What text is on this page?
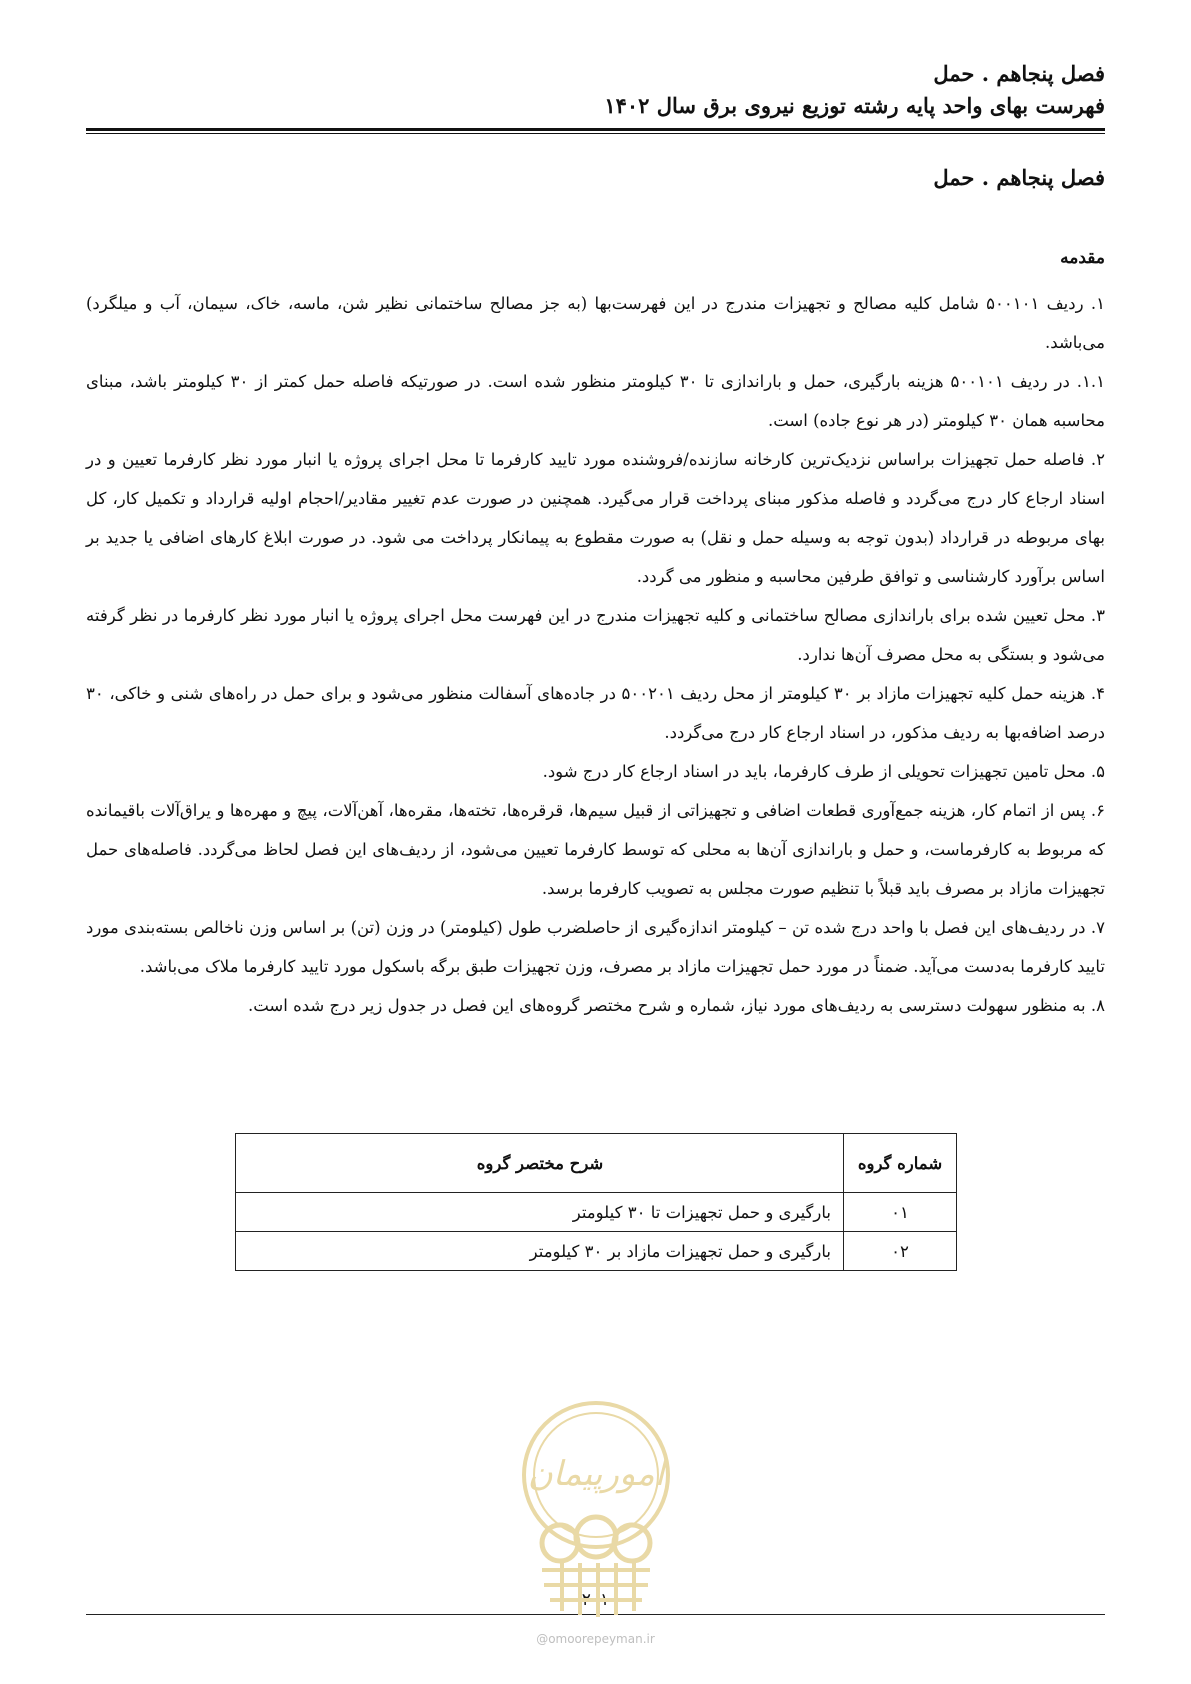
فصل پنجاهم . حمل
فهرست بهای واحد پایه رشته توزیع نیروی برق سال ۱۴۰۲
فصل پنجاهم . حمل
مقدمه

۱. ردیف ۵۰۰۱۰۱ شامل کلیه مصالح و تجهیزات مندرج در این فهرست‌بها (به جز مصالح ساختمانی نظیر شن، ماسه، خاک، سیمان، آب و میلگرد) می‌باشد.

۱.۱. در ردیف ۵۰۰۱۰۱ هزینه بارگیری، حمل و باراندازی تا ۳۰ کیلومتر منظور شده است. در صورتیکه فاصله حمل کمتر از ۳۰ کیلومتر باشد، مبنای محاسبه همان ۳۰ کیلومتر (در هر نوع جاده) است.

۲. فاصله حمل تجهیزات براساس نزدیک‌ترین کارخانه سازنده/فروشنده مورد تایید کارفرما تا محل اجرای پروژه یا انبار مورد نظر کارفرما تعیین و در اسناد ارجاع کار درج می‌گردد و فاصله مذکور مبنای پرداخت قرار می‌گیرد. همچنین در صورت عدم تغییر مقادیر/احجام اولیه قرارداد و تکمیل کار، کل بهای مربوطه در قرارداد (بدون توجه به وسیله حمل و نقل) به صورت مقطوع به پیمانکار پرداخت می شود. در صورت ابلاغ کارهای اضافی یا جدید بر اساس برآورد کارشناسی و توافق طرفین محاسبه و منظور می گردد.

۳. محل تعیین شده برای باراندازی مصالح ساختمانی و کلیه تجهیزات مندرج در این فهرست محل اجرای پروژه یا انبار مورد نظر کارفرما در نظر گرفته می‌شود و بستگی به محل مصرف آن‌ها ندارد.

۴. هزینه حمل کلیه تجهیزات مازاد بر ۳۰ کیلومتر از محل ردیف ۵۰۰۲۰۱ در جاده‌های آسفالت منظور می‌شود و برای حمل در راه‌های شنی و خاکی، ۳۰ درصد اضافه‌بها به ردیف مذکور، در اسناد ارجاع کار درج می‌گردد.

۵. محل تامین تجهیزات تحویلی از طرف کارفرما، باید در اسناد ارجاع کار درج شود.

۶. پس از اتمام کار، هزینه جمع‌آوری قطعات اضافی و تجهیزاتی از قبیل سیم‌ها، قرقره‌ها، تخته‌ها، مقره‌ها، آهن‌آلات، پیچ و مهره‌ها و یراق‌آلات باقیمانده که مربوط به کارفرماست، و حمل و باراندازی آن‌ها به محلی که توسط کارفرما تعیین می‌شود، از ردیف‌های این فصل لحاظ می‌گردد. فاصله‌های حمل تجهیزات مازاد بر مصرف باید قبلاً با تنظیم صورت مجلس به تصویب کارفرما برسد.

۷. در ردیف‌های این فصل با واحد درج شده تن – کیلومتر اندازه‌گیری از حاصلضرب طول (کیلومتر) در وزن (تن) بر اساس وزن ناخالص بسته‌بندی مورد تایید کارفرما به‌دست می‌آید. ضمناً در مورد حمل تجهیزات مازاد بر مصرف، وزن تجهیزات طبق برگه باسکول مورد تایید کارفرما ملاک می‌باشد.

۸. به منظور سهولت دسترسی به ردیف‌های مورد نیاز، شماره و شرح مختصر گروه‌های این فصل در جدول زیر درج شده است.

شماره گروه	شرح مختصر گروه
۰۱	بارگیری و حمل تجهیزات تا ۳۰ کیلومتر
۰۲	بارگیری و حمل تجهیزات مازاد بر ۳۰ کیلومتر
۲۰۱
@omoorepeyman.ir
امورپیمان
